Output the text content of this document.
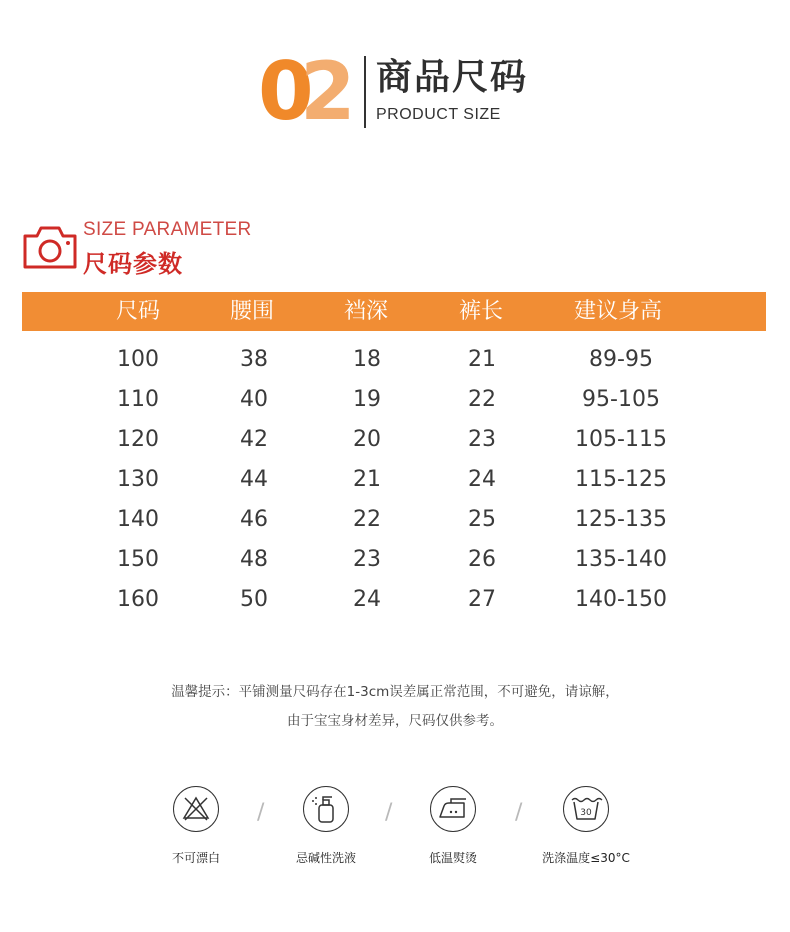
0
2 商品尺码
PRODUCT SIZE
SIZE PARAMETER
尺码参数
尺码	腰围	裆深	裤长	建议身高
100	38	18	21	89-95
110	40	19	22	95-105
120	42	20	23	105-115
130	44	21	24	115-125
140	46	22	25	125-135
150	48	23	26	135-140
160	50	24	27	140-150
温馨提示：平铺测量尺码存在1-3cm误差属正常范围，不可避免，请谅解，
由于宝宝身材差异，尺码仅供参考。
不可漂白
/
忌碱性洗液
/
低温熨烫
/	30
洗涤温度≤30°C
